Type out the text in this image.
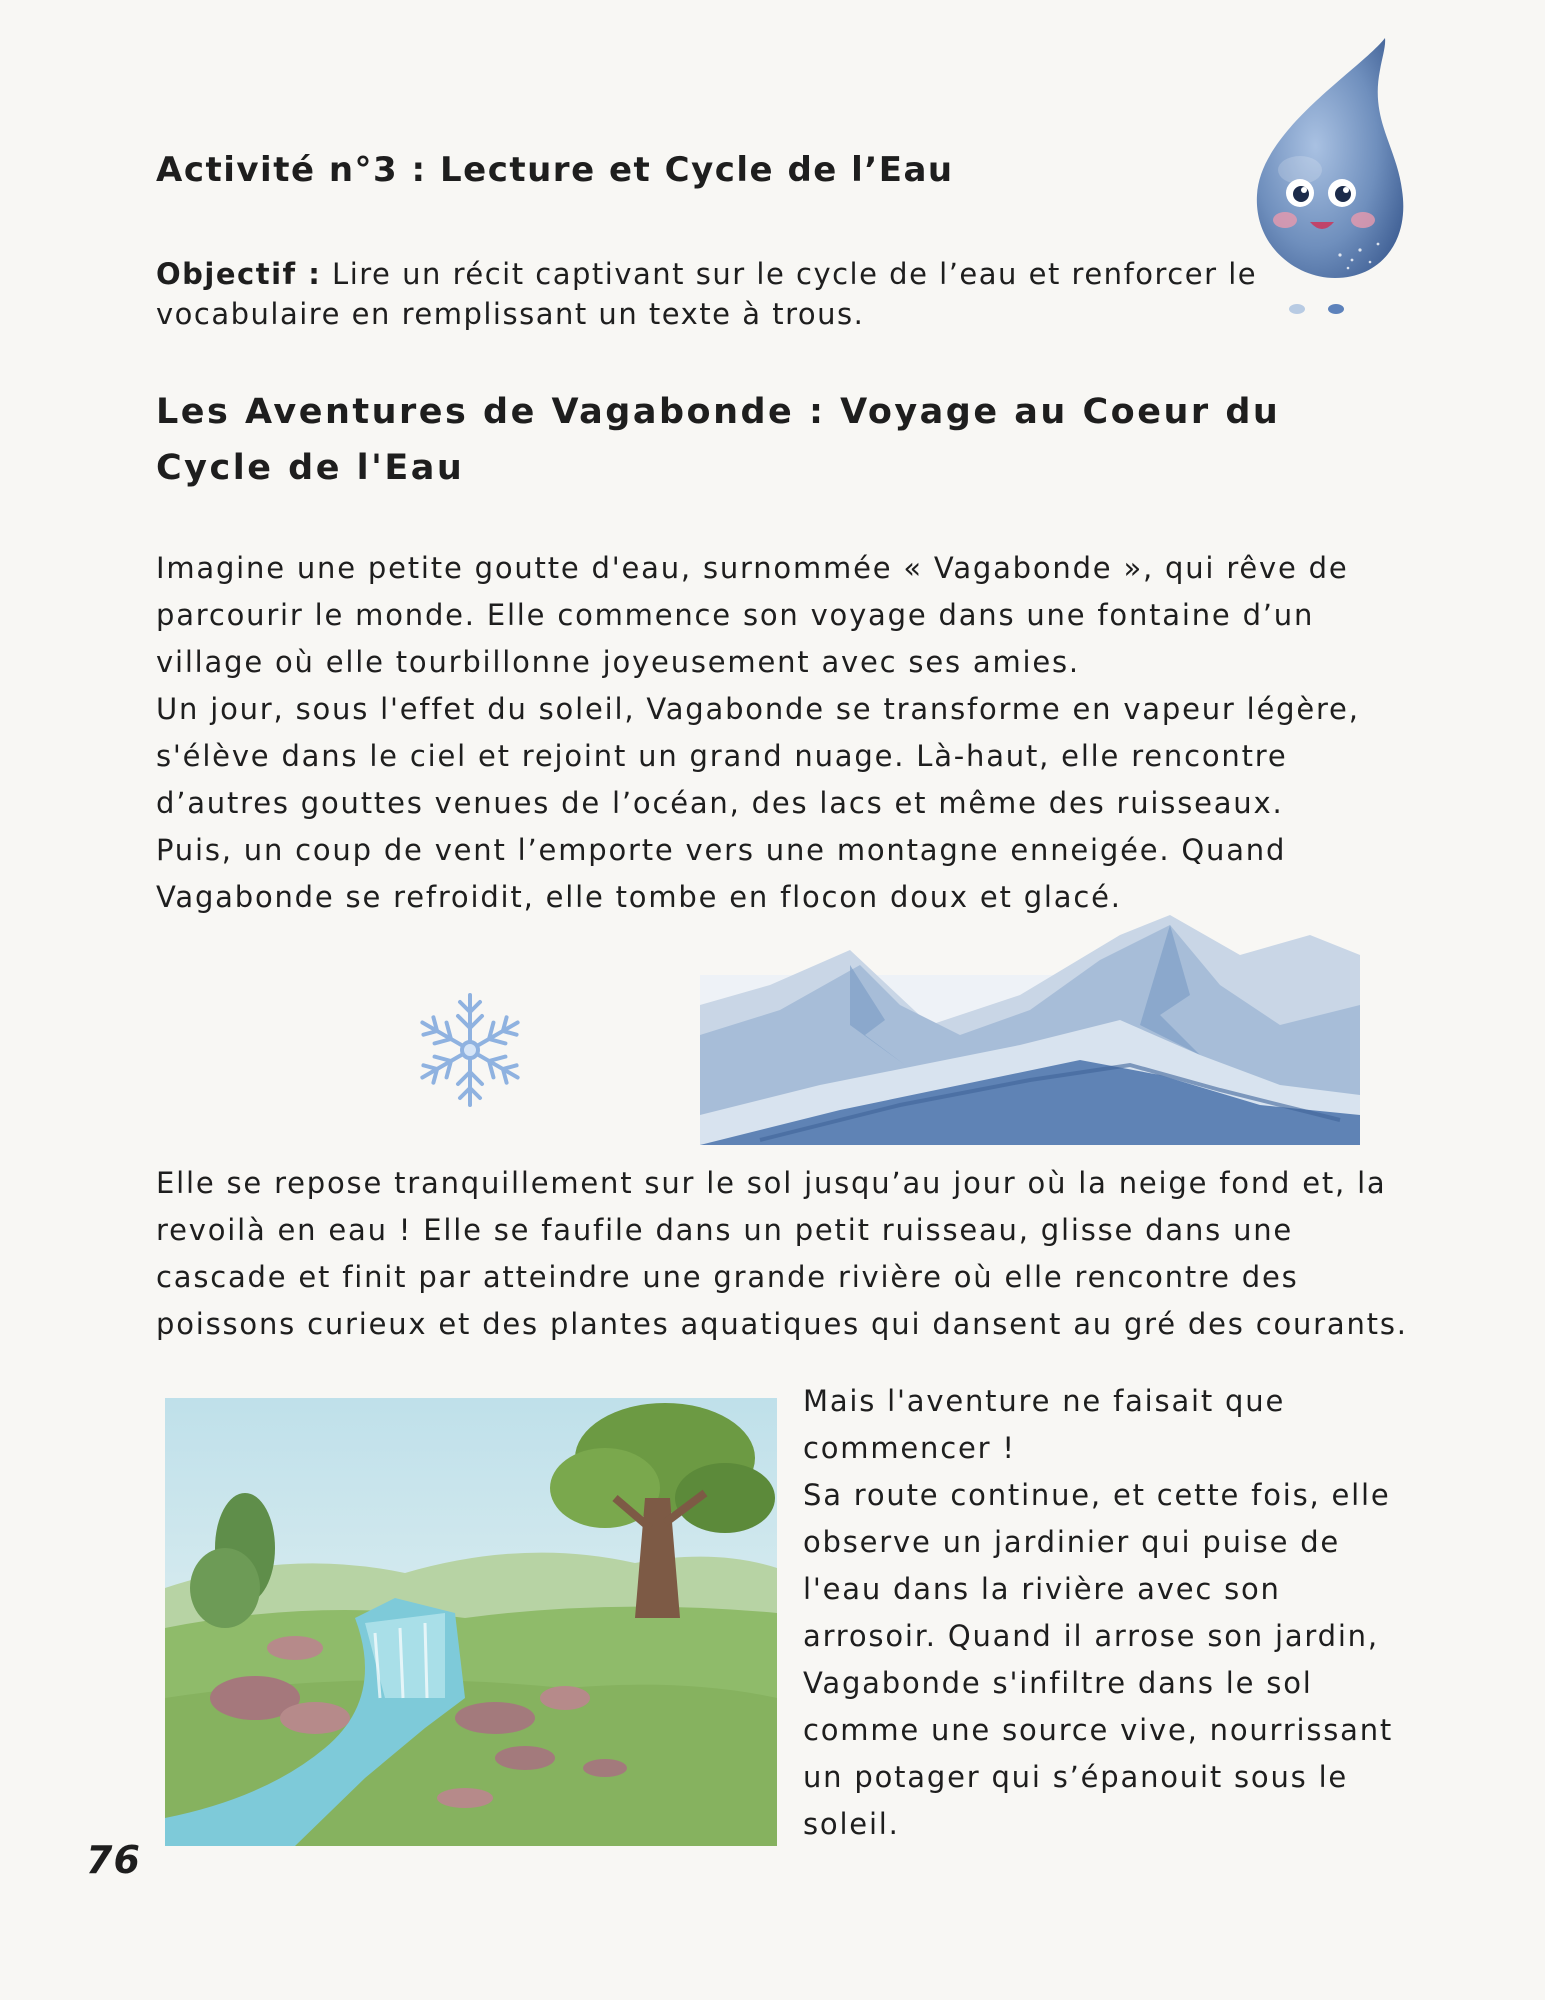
Activité n°3 : Lecture et Cycle de l’Eau
Objectif : Lire un récit captivant sur le cycle de l’eau et renforcer le vocabulaire en remplissant un texte à trous.
Les Aventures de Vagabonde : Voyage au Coeur du Cycle de l'Eau

Imagine une petite goutte d'eau, surnommée « Vagabonde », qui rêve de parcourir le monde. Elle commence son voyage dans une fontaine d’un village où elle tourbillonne joyeusement avec ses amies.

Un jour, sous l'effet du soleil, Vagabonde se transforme en vapeur légère, s'élève dans le ciel et rejoint un grand nuage. Là-haut, elle rencontre d’autres gouttes venues de l’océan, des lacs et même des ruisseaux.

Puis, un coup de vent l’emporte vers une montagne enneigée. Quand Vagabonde se refroidit, elle tombe en flocon doux et glacé.

Elle se repose tranquillement sur le sol jusqu’au jour où la neige fond et, la revoilà en eau ! Elle se faufile dans un petit ruisseau, glisse dans une cascade et finit par atteindre une grande rivière où elle rencontre des poissons curieux et des plantes aquatiques qui dansent au gré des courants.

Mais l'aventure ne faisait que commencer !

Sa route continue, et cette fois, elle observe un jardinier qui puise de l'eau dans la rivière avec son arrosoir. Quand il arrose son jardin, Vagabonde s'infiltre dans le sol comme une source vive, nourrissant un potager qui s’épanouit sous le soleil.

76
